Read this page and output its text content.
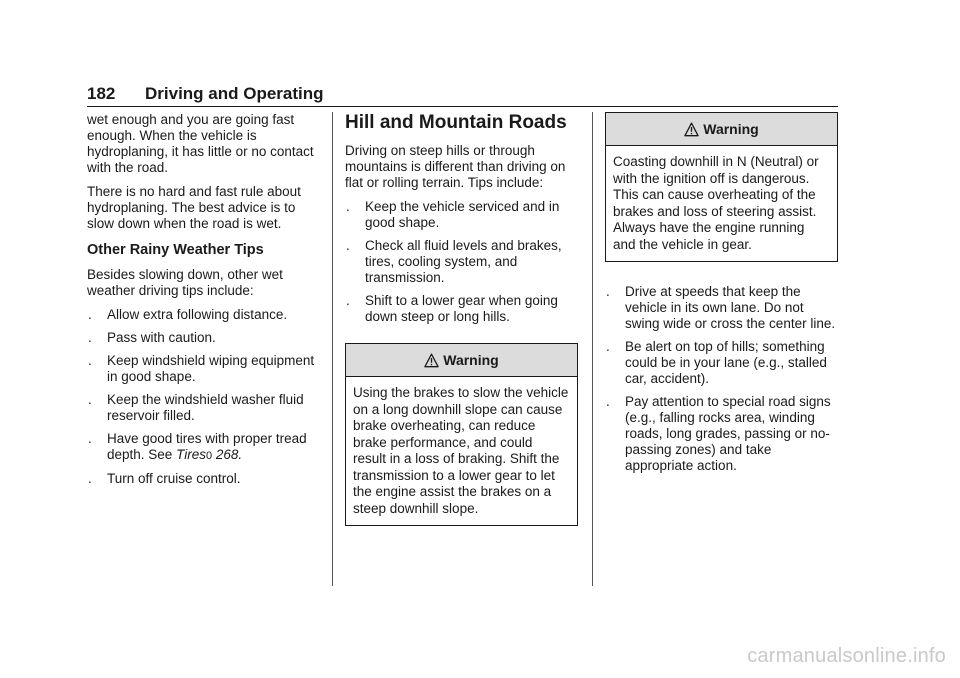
182 Driving and Operating

wet enough and you are going fast enough. When the vehicle is hydroplaning, it has little or no contact with the road.

There is no hard and fast rule about hydroplaning. The best advice is to slow down when the road is wet.

Other Rainy Weather Tips

Besides slowing down, other wet weather driving tips include:

. Allow extra following distance.
. Pass with caution.
. Keep windshield wiping equipment in good shape.
. Keep the windshield washer fluid reservoir filled.
. Have good tires with proper tread depth. See Tires0 268.
. Turn off cruise control.
Hill and Mountain Roads

Driving on steep hills or through mountains is different than driving on flat or rolling terrain. Tips include:

. Keep the vehicle serviced and in good shape.
. Check all fluid levels and brakes, tires, cooling system, and transmission.
. Shift to a lower gear when going down steep or long hills.
Warning
Using the brakes to slow the vehicle on a long downhill slope can cause brake overheating, can reduce brake performance, and could result in a loss of braking. Shift the transmission to a lower gear to let the engine assist the brakes on a steep downhill slope.
Warning
Coasting downhill in N (Neutral) or with the ignition off is dangerous. This can cause overheating of the brakes and loss of steering assist. Always have the engine running and the vehicle in gear.
. Drive at speeds that keep the vehicle in its own lane. Do not swing wide or cross the center line.
. Be alert on top of hills; something could be in your lane (e.g., stalled car, accident).
. Pay attention to special road signs (e.g., falling rocks area, winding roads, long grades, passing or no-passing zones) and take appropriate action.
carmanualsonline.info
